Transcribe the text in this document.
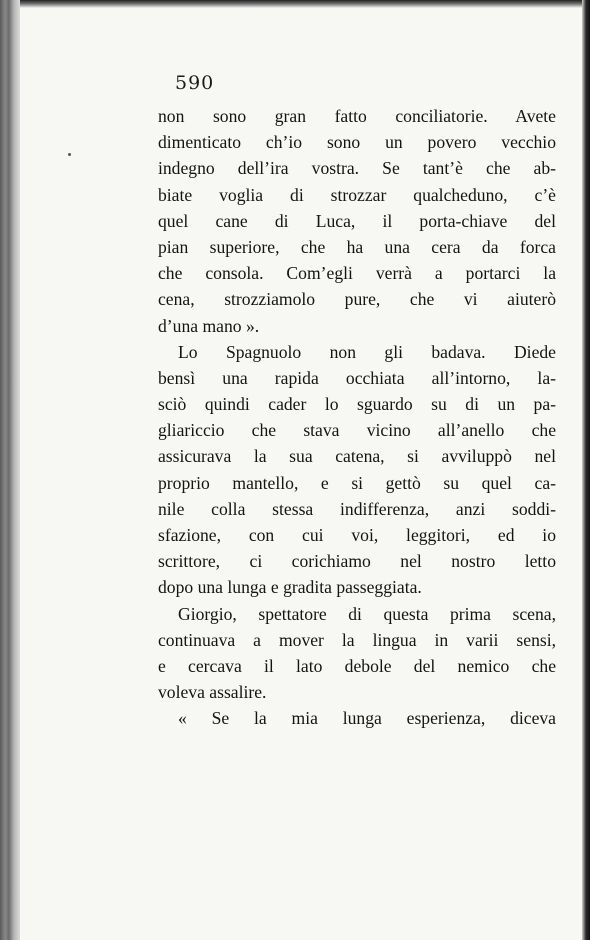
590
non sono gran fatto conciliatorie. Avete
dimenticato ch’io sono un povero vecchio
indegno dell’ira vostra. Se tant’è che ab-
biate voglia di strozzar qualcheduno, c’è
quel cane di Luca, il porta-chiave del
pian superiore, che ha una cera da forca
che consola. Com’egli verrà a portarci la
cena, strozziamolo pure, che vi aiuterò
d’una mano ».
Lo Spagnuolo non gli badava. Diede
bensì una rapida occhiata all’intorno, la-
sciò quindi cader lo sguardo su di un pa-
gliariccio che stava vicino all’anello che
assicurava la sua catena, si avviluppò nel
proprio mantello, e si gettò su quel ca-
nile colla stessa indifferenza, anzi soddi-
sfazione, con cui voi, leggitori, ed io
scrittore, ci corichiamo nel nostro letto
dopo una lunga e gradita passeggiata.
Giorgio, spettatore di questa prima scena,
continuava a mover la lingua in varii sensi,
e cercava il lato debole del nemico che
voleva assalire.
« Se la mia lunga esperienza, diceva
